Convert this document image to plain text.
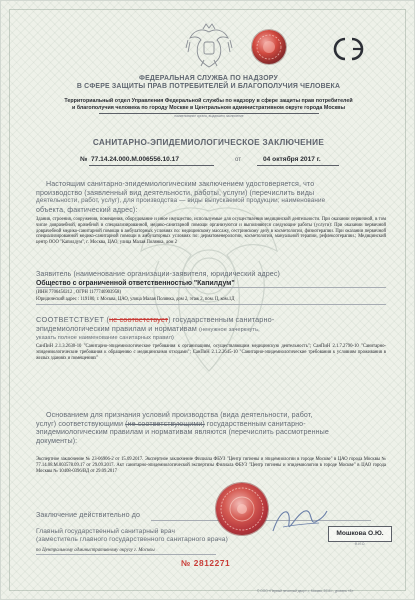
ФЕДЕРАЛЬНАЯ СЛУЖБА ПО НАДЗОРУ
В СФЕРЕ ЗАЩИТЫ ПРАВ ПОТРЕБИТЕЛЕЙ И БЛАГОПОЛУЧИЯ ЧЕЛОВЕКА
Территориальный отдел Управления Федеральной службы по надзору в сфере защиты прав потребителей
и благополучия человека по городу Москве в Центральном административном округе города Москвы
наименование органа, выдавшего заключение
САНИТАРНО-ЭПИДЕМИОЛОГИЧЕСКОЕ ЗАКЛЮЧЕНИЕ
№ 77.14.24.000.М.006556.10.17	от	04 октября 2017 г.
Настоящим санитарно-эпидемиологическим заключением удостоверяется, что
производство (заявленный вид деятельности, работы, услуги) (перечислить виды
деятельности, работ, услуг), для производства — виды выпускаемой продукции; наименование
объекта, фактический адрес):
Здания, строения, сооружения, помещения, оборудование и иное имущество, используемые для осуществления медицинской деятельности. При оказании первичной, в том числе доврачебной, врачебной и специализированной, медико-санитарной помощи организуются и выполняются следующие работы (услуги): При оказании первичной доврачебной медико-санитарной помощи в амбулаторных условиях по: медицинскому массажу, сестринскому делу в косметологии, физиотерапии. При оказании первичной специализированной медико-санитарной помощи в амбулаторных условиях по: дерматовенерологии, косметологии, мануальной терапии, рефлексотерапии.; Медицинский центр ООО "Капилдум", г. Москва, ЦАО, улица Малая Полянка, дом 2
Заявитель (наименование организации-заявителя, юридический адрес)
Общество с ограниченной ответственностью "Капилдум"
(ИНН 7706450212 , ОГРН 1177746903958)
Юридический адрес : 119180, г. Москва, ЦАО, улица Малая Полянка, дом 2, этаж 2, пом. II, ком.1Д
СООТВЕТСТВУЕТ (не соответствует) государственным санитарно-
эпидемиологическим правилам и нормативам (ненужное зачеркнуть,
указать полное наименование санитарных правил)
СанПиН 2.1.3.2630-10 "Санитарно-эпидемиологические требования к организациям, осуществляющим медицинскую деятельность"; СанПиН 2.1.7.2790-10 "Санитарно-эпидемиологические требования к обращению с медицинскими отходами"; СанПиН 2.1.2.2645-10 "Санитарно-эпидемиологические требования к условиям проживания в жилых зданиях и помещениях"
Основанием для признания условий производства (вида деятельности, работ,
услуг) соответствующими (не соответствующими) государственным санитарно-
эпидемиологическим правилам и нормативам являются (перечислить рассмотренные
документы):
Экспертное заключение № 23-06906-2 от 15.09.2017. Экспертное заключение Филиала ФБУЗ "Центр гигиены и эпидемиологии в городе Москве" в ЦАО города Москвы № 77.14.08.М.003578.09.17 от 29.09.2017. Акт санитарно-эпидемиологической экспертизы Филиала ФБУЗ "Центр гигиены и эпидемиологии в городе Москве" в ЦАО города Москвы № 10408-0396/ВД от 29.09.2017
Заключение действительно до
Главный государственный санитарный врач
(заместитель главного государственного санитарного врача)
по Центральному административному округу г. Москвы
Мошкова О.Ю.
Ф.И.О.
№ 2812271
© ООО «Первый печатный двор», г. Москва, 2016 г., уровень «Б»
